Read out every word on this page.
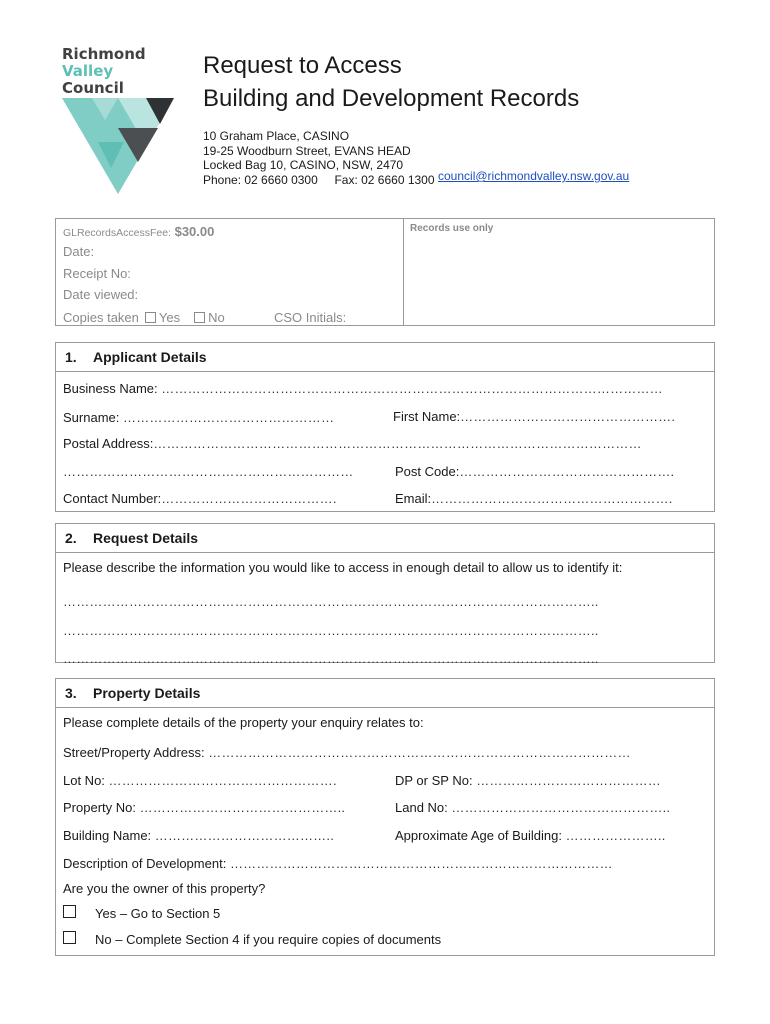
Richmond
Valley
Council
Request to Access
Building and Development Records
10 Graham Place, CASINO
19-25 Woodburn Street, EVANS HEAD
Locked Bag 10, CASINO, NSW, 2470
Phone: 02 6660 0300     Fax: 02 6660 1300 council@richmondvalley.nsw.gov.au
GLRecordsAccessFee: $30.00
Date:
Receipt No:
Date viewed:
Copies taken Yes No	CSO Initials:
Records use only
1. Applicant Details
Business Name: ……………………………………………………………………………………………………
Surname: …………………………………………	First Name:………………………………………….
Postal Address:…………………………………………………………………………………………………
…………………………………………………………	Post Code:………………………………………….
Contact Number:………………………………….	Email:……………………………………………….
2. Request Details
Please describe the information you would like to access in enough detail to allow us to identify it:
…………………………………………………………………………………………………………..
…………………………………………………………………………………………………………..
…………………………………………………………………………………………………………..
3. Property Details
Please complete details of the property your enquiry relates to:
Street/Property Address: ……………………………………………………………………………………
Lot No: …………………………………………….	DP or SP No: ……………………………………
Property No: ………………………………………..	Land No: …………………………………………..
Building Name: …………………………………..	Approximate Age of Building: …………………..
Description of Development: ……………………………………………………………………………
Are you the owner of this property?
Yes – Go to Section 5
No – Complete Section 4 if you require copies of documents
